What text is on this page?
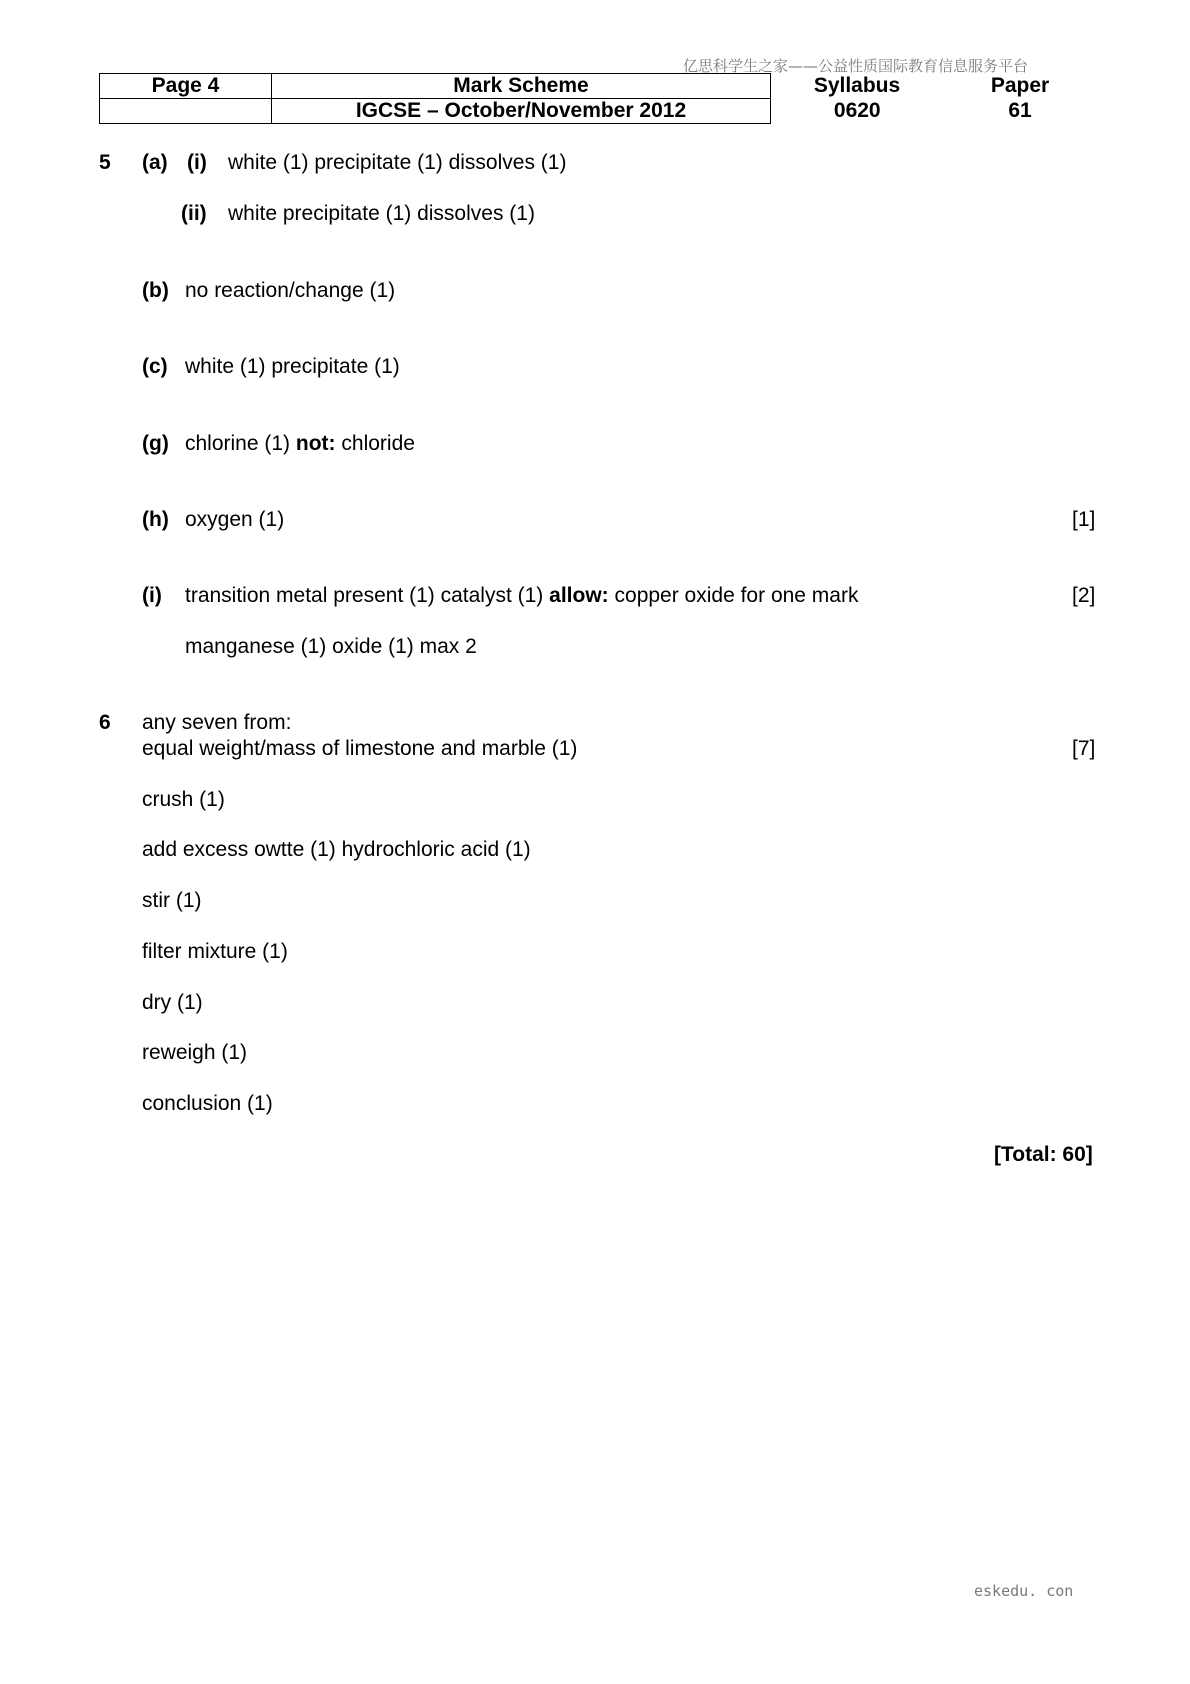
亿思科学生之家——公益性质国际教育信息服务平台
Page 4	Mark Scheme	Syllabus	Paper
	IGCSE – October/November 2012	0620	61
5 (a) (i) white (1) precipitate (1) dissolves (1)
(ii) white precipitate (1) dissolves (1)
(b) no reaction/change (1)
(c) white (1) precipitate (1)
(g) chlorine (1) not: chloride
(h) oxygen (1)	[1]
(i) transition metal present (1) catalyst (1) allow: copper oxide for one mark	[2]
manganese (1) oxide (1) max 2
6 any seven from:
equal weight/mass of limestone and marble (1)	[7]
crush (1)
add excess owtte (1) hydrochloric acid (1)
stir (1)
filter mixture (1)
dry (1)
reweigh (1)
conclusion (1)
[Total: 60]
eskedu. con
